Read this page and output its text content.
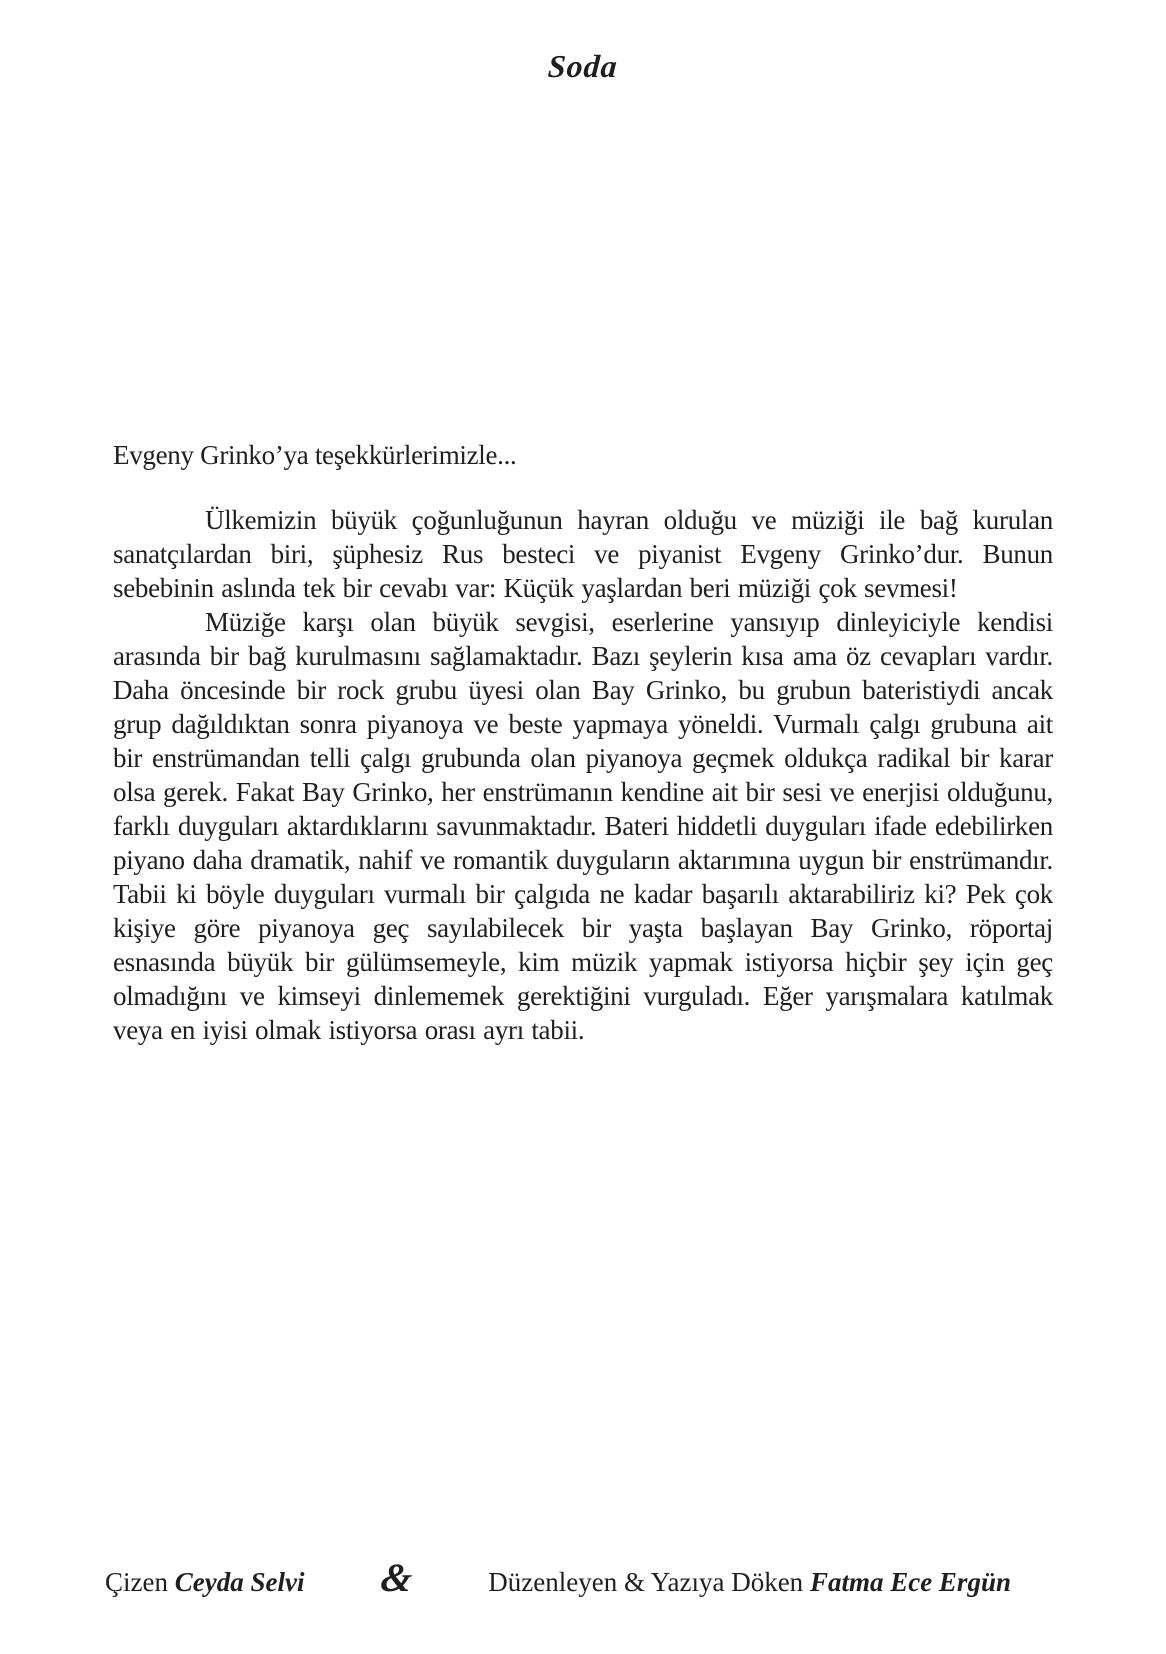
Soda

Evgeny Grinko’ya teşekkürlerimizle...

Ülkemizin büyük çoğunluğunun hayran olduğu ve müziği ile bağ kurulan sanatçılardan biri, şüphesiz Rus besteci ve piyanist Evgeny Grinko’dur. Bunun sebebinin aslında tek bir cevabı var: Küçük yaşlardan beri müziği çok sevmesi!

Müziğe karşı olan büyük sevgisi, eserlerine yansıyıp dinleyiciyle kendisi arasında bir bağ kurulmasını sağlamaktadır. Bazı şeylerin kısa ama öz cevapları vardır. Daha öncesinde bir rock grubu üyesi olan Bay Grinko, bu grubun bateristiydi ancak grup dağıldıktan sonra piyanoya ve beste yapmaya yöneldi. Vurmalı çalgı grubuna ait bir enstrümandan telli çalgı grubunda olan piyanoya geçmek oldukça radikal bir karar olsa gerek. Fakat Bay Grinko, her enstrümanın kendine ait bir sesi ve enerjisi olduğunu, farklı duyguları aktardıklarını savunmaktadır. Bateri hiddetli duyguları ifade edebilirken piyano daha dramatik, nahif ve romantik duyguların aktarımına uygun bir enstrümandır. Tabii ki böyle duyguları vurmalı bir çalgıda ne kadar başarılı aktarabiliriz ki? Pek çok kişiye göre piyanoya geç sayılabilecek bir yaşta başlayan Bay Grinko, röportaj esnasında büyük bir gülümsemeyle, kim müzik yapmak istiyorsa hiçbir şey için geç olmadığını ve kimseyi dinlememek gerektiğini vurguladı. Eğer yarışmalara katılmak veya en iyisi olmak istiyorsa orası ayrı tabii.

Çizen Ceyda Selvi &	Düzenleyen & Yazıya Döken Fatma Ece Ergün
